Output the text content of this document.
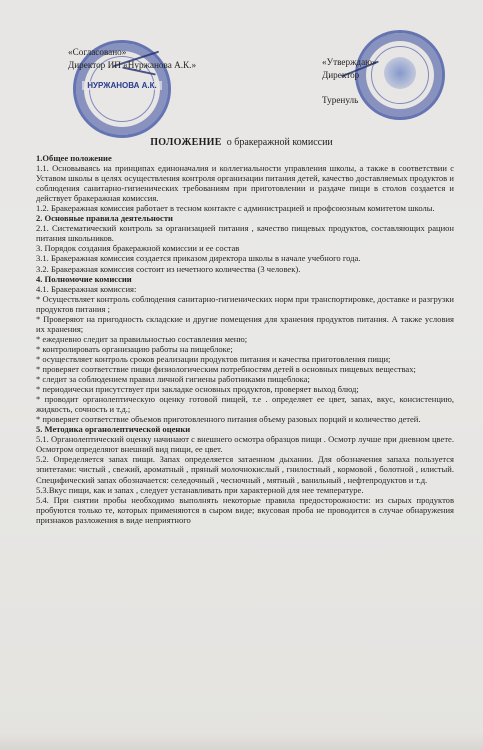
НУРЖАНОВА А.К.
«Согласовано»
Директор ИП «Нуржанова А.К.»	«Утверждаю»
Директор
Туренуль
ПОЛОЖЕНИЕ о бракеражной комиссии

1.Общее положение

1.1. Основываясь на принципах единоначалия и коллегиальности управления школы, а также в соответствии с Уставом школы в целях осуществления контроля организации питания детей, качество доставляемых продуктов и соблюдения санитарно-гигиенических требованиям при приготовлении и раздаче пищи в столов создается и действует бракеражная комиссия.

1.2. Бракеражная комиссия работает в тесном контакте с администрацией и профсоюзным комитетом школы.

2. Основные правила деятельности

2.1. Систематический контроль за организацией питания , качество пищевых продуктов, составляющих рацион питания школьников.

3. Порядок создания бракеражной комиссии и ее состав

3.1. Бракеражная комиссия создается приказом директора школы в начале учебного года.

3.2. Бракеражная комиссия состоит из нечетного количества (3 человек).

4. Полномочие комиссии

4.1. Бракеражная комиссия:

* Осуществляет контроль соблюдения санитарно-гигиенических норм при транспортировке, доставке и разгрузки продуктов питания ;

* Проверяют на пригодность складские и другие помещения для хранения продуктов питания. А также условия их хранения;

* ежедневно следит за правильностью составления меню;

* контролировать организацию работы на пищеблоке;

* осуществляет контроль сроков реализации продуктов питания и качества приготовления пищи;

* проверяет соответствие пищи физиологическим потребностям детей в основных пищевых веществах;

* следит за соблюдением правил личной гигиены работниками пищеблока;

* периодически присутствует при закладке основных продуктов, проверяет выход блюд;

* проводит органолептическую оценку готовой пищей, т.е . определяет ее цвет, запах, вкус, консистенцию, жидкость, сочность и т.д.;

* проверяет соответствие объемов приготовленного питания объему разовых порций и количество детей.

5. Методика органолептической оценки

5.1. Органолептический оценку начинают с внешнего осмотра образцов пищи . Осмотр лучше при дневном цвете. Осмотром определяют внешний вид пищи, ее цвет.

5.2. Определяется запах пищи. Запах определяется затаенном дыхании. Для обозначения запаха пользуется эпитетами: чистый , свежий, ароматный , пряный молочнокислый , гнилостный , кормовой , болотной , илистый. Специфический запах обозначается: селедочный , чесночный , мятный , ванильный , нефтепродуктов и т.д.

5.3.Вкус пищи, как и запах , следует устанавливать при характерной для нее температуре.

5.4. При снятии пробы необходимо выполнять некоторые правила предосторожности: из сырых продуктов пробуются только те, которых применяются в сыром виде; вкусовая проба не проводится в случае обнаружения признаков разложения в виде неприятного
